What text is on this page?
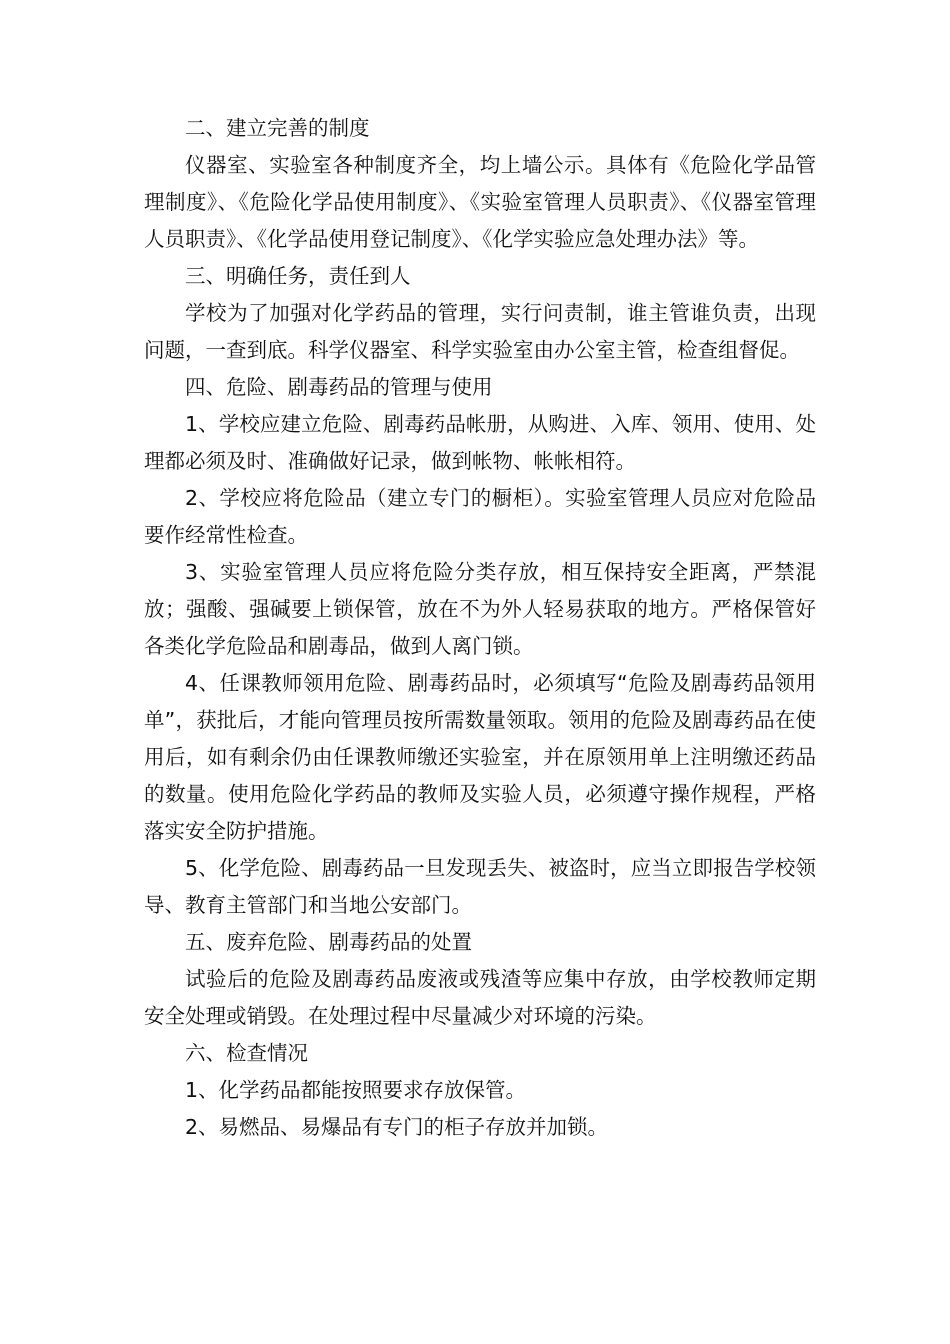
二、建立完善的制度

仪器室、实验室各种制度齐全，均上墙公示。具体有《危险化学品管理制度》、《危险化学品使用制度》、《实验室管理人员职责》、《仪器室管理人员职责》、《化学品使用登记制度》、《化学实验应急处理办法》等。

三、明确任务，责任到人

学校为了加强对化学药品的管理，实行问责制，谁主管谁负责，出现问题，一查到底。科学仪器室、科学实验室由办公室主管，检查组督促。

四、危险、剧毒药品的管理与使用

1、学校应建立危险、剧毒药品帐册，从购进、入库、领用、使用、处理都必须及时、准确做好记录，做到帐物、帐帐相符。

2、学校应将危险品（建立专门的橱柜）。实验室管理人员应对危险品要作经常性检查。

3、实验室管理人员应将危险分类存放，相互保持安全距离，严禁混放；强酸、强碱要上锁保管，放在不为外人轻易获取的地方。严格保管好各类化学危险品和剧毒品，做到人离门锁。

4、任课教师领用危险、剧毒药品时，必须填写“危险及剧毒药品领用单”，获批后，才能向管理员按所需数量领取。领用的危险及剧毒药品在使用后，如有剩余仍由任课教师缴还实验室，并在原领用单上注明缴还药品的数量。使用危险化学药品的教师及实验人员，必须遵守操作规程，严格落实安全防护措施。

5、化学危险、剧毒药品一旦发现丢失、被盗时，应当立即报告学校领导、教育主管部门和当地公安部门。

五、废弃危险、剧毒药品的处置

试验后的危险及剧毒药品废液或残渣等应集中存放，由学校教师定期安全处理或销毁。在处理过程中尽量减少对环境的污染。

六、检查情况

1、化学药品都能按照要求存放保管。

2、易燃品、易爆品有专门的柜子存放并加锁。
